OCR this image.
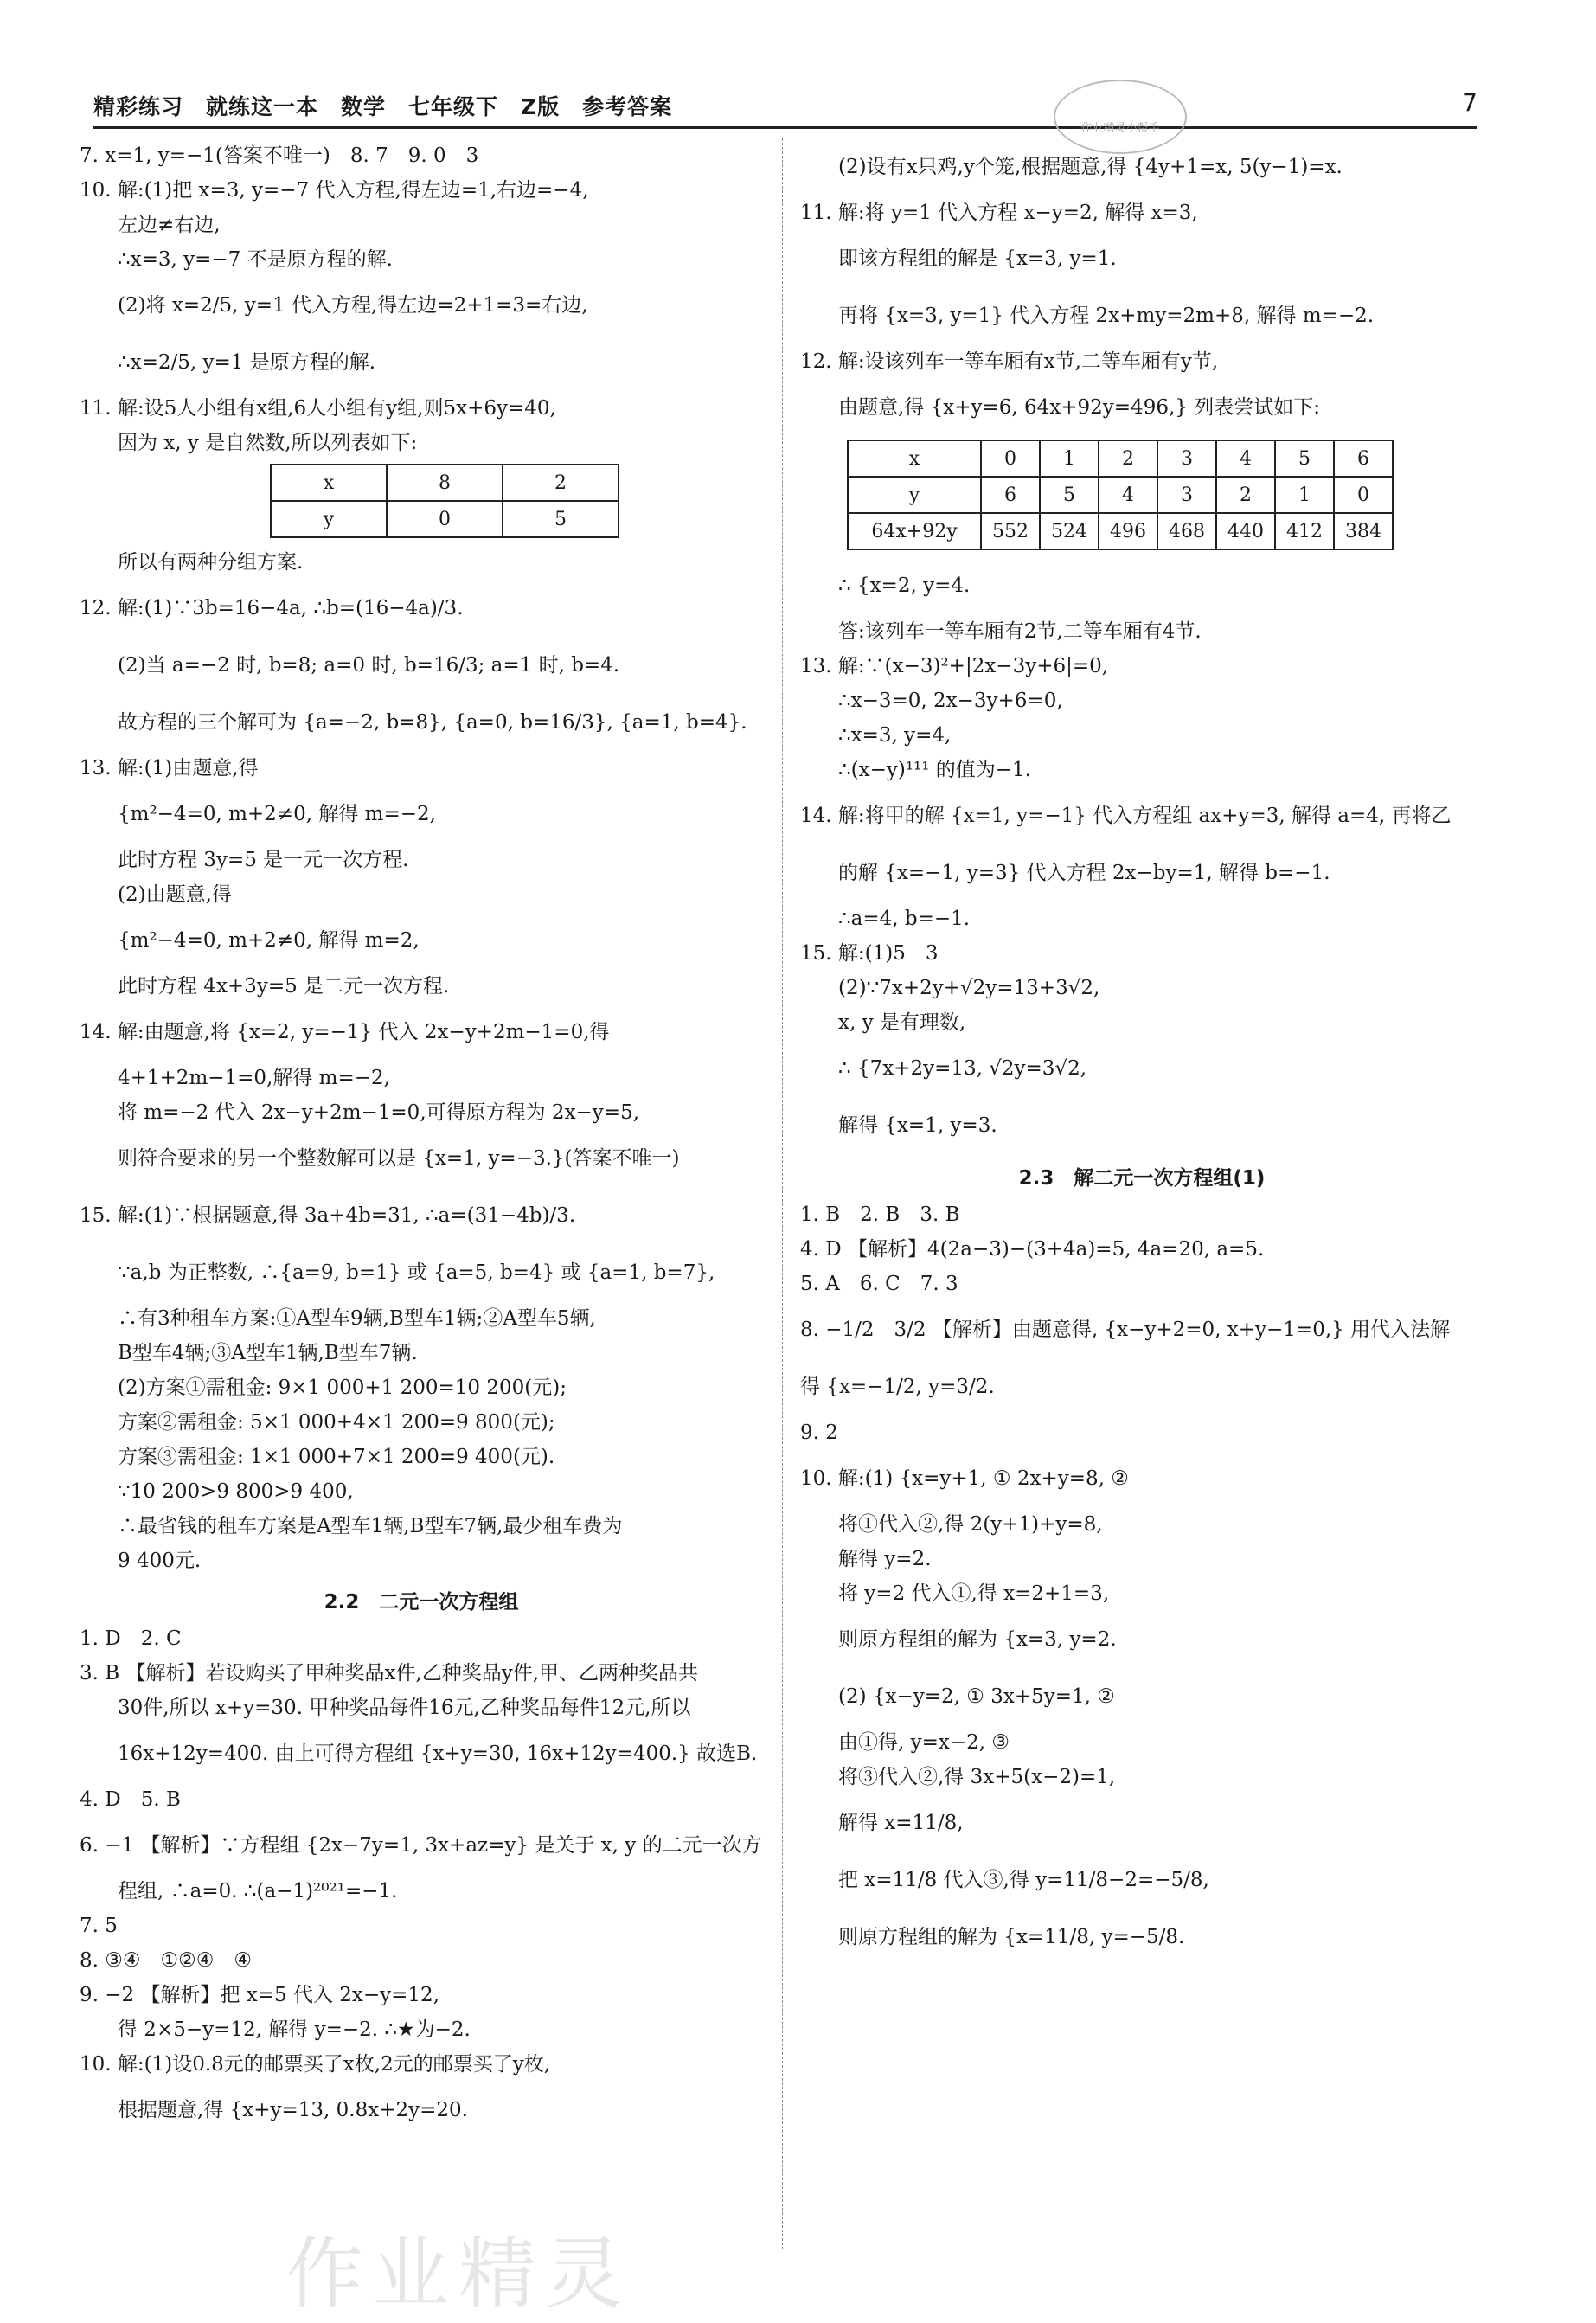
精彩练习　就练这一本　数学　七年级下　Z版　参考答案	7
作业精灵小帮手
7. x=1, y=−1(答案不唯一)　8. 7　9. 0　3
10. 解:(1)把 x=3, y=−7 代入方程,得左边=1,右边=−4,
左边≠右边,
∴x=3, y=−7 不是原方程的解.
(2)将 x=2/5, y=1 代入方程,得左边=2+1=3=右边,
∴x=2/5, y=1 是原方程的解.
11. 解:设5人小组有x组,6人小组有y组,则5x+6y=40,
因为 x, y 是自然数,所以列表如下:
x	8	2
y	0	5
所以有两种分组方案.
12. 解:(1)∵3b=16−4a, ∴b=(16−4a)/3.
(2)当 a=−2 时, b=8; a=0 时, b=16/3; a=1 时, b=4.
故方程的三个解可为 {a=−2, b=8}, {a=0, b=16/3}, {a=1, b=4}.
13. 解:(1)由题意,得
{m²−4=0, m+2≠0, 解得 m=−2,
此时方程 3y=5 是一元一次方程.
(2)由题意,得
{m²−4=0, m+2≠0, 解得 m=2,
此时方程 4x+3y=5 是二元一次方程.
14. 解:由题意,将 {x=2, y=−1} 代入 2x−y+2m−1=0,得
4+1+2m−1=0,解得 m=−2,
将 m=−2 代入 2x−y+2m−1=0,可得原方程为 2x−y=5,
则符合要求的另一个整数解可以是 {x=1, y=−3.}(答案不唯一)
15. 解:(1)∵根据题意,得 3a+4b=31, ∴a=(31−4b)/3.
∵a,b 为正整数, ∴{a=9, b=1} 或 {a=5, b=4} 或 {a=1, b=7},
∴有3种租车方案:①A型车9辆,B型车1辆;②A型车5辆,
B型车4辆;③A型车1辆,B型车7辆.
(2)方案①需租金: 9×1 000+1 200=10 200(元);
方案②需租金: 5×1 000+4×1 200=9 800(元);
方案③需租金: 1×1 000+7×1 200=9 400(元).
∵10 200>9 800>9 400,
∴最省钱的租车方案是A型车1辆,B型车7辆,最少租车费为
9 400元.
2.2　二元一次方程组
1. D　2. C
3. B 【解析】若设购买了甲种奖品x件,乙种奖品y件,甲、乙两种奖品共
30件,所以 x+y=30. 甲种奖品每件16元,乙种奖品每件12元,所以
16x+12y=400. 由上可得方程组 {x+y=30, 16x+12y=400.} 故选B.
4. D　5. B
6. −1 【解析】∵方程组 {2x−7y=1, 3x+az=y} 是关于 x, y 的二元一次方
程组, ∴a=0. ∴(a−1)²⁰²¹=−1.
7. 5
8. ③④　①②④　④
9. −2 【解析】把 x=5 代入 2x−y=12,
得 2×5−y=12, 解得 y=−2. ∴★为−2.
10. 解:(1)设0.8元的邮票买了x枚,2元的邮票买了y枚,
根据题意,得 {x+y=13, 0.8x+2y=20.
(2)设有x只鸡,y个笼,根据题意,得 {4y+1=x, 5(y−1)=x.
11. 解:将 y=1 代入方程 x−y=2, 解得 x=3,
即该方程组的解是 {x=3, y=1.
再将 {x=3, y=1} 代入方程 2x+my=2m+8, 解得 m=−2.
12. 解:设该列车一等车厢有x节,二等车厢有y节,
由题意,得 {x+y=6, 64x+92y=496,} 列表尝试如下:
x	0	1	2	3	4	5	6
y	6	5	4	3	2	1	0
64x+92y	552	524	496	468	440	412	384
∴ {x=2, y=4.
答:该列车一等车厢有2节,二等车厢有4节.
13. 解:∵(x−3)²+|2x−3y+6|=0,
∴x−3=0, 2x−3y+6=0,
∴x=3, y=4,
∴(x−y)¹¹¹ 的值为−1.
14. 解:将甲的解 {x=1, y=−1} 代入方程组 ax+y=3, 解得 a=4, 再将乙
的解 {x=−1, y=3} 代入方程 2x−by=1, 解得 b=−1.
∴a=4, b=−1.
15. 解:(1)5　3
(2)∵7x+2y+√2y=13+3√2,
x, y 是有理数,
∴ {7x+2y=13, √2y=3√2,
解得 {x=1, y=3.
2.3　解二元一次方程组(1)
1. B　2. B　3. B
4. D 【解析】4(2a−3)−(3+4a)=5, 4a=20, a=5.
5. A　6. C　7. 3
8. −1/2　3/2 【解析】由题意得, {x−y+2=0, x+y−1=0,} 用代入法解
得 {x=−1/2, y=3/2.
9. 2
10. 解:(1) {x=y+1, ① 2x+y=8, ②
将①代入②,得 2(y+1)+y=8,
解得 y=2.
将 y=2 代入①,得 x=2+1=3,
则原方程组的解为 {x=3, y=2.
(2) {x−y=2, ① 3x+5y=1, ②
由①得, y=x−2, ③
将③代入②,得 3x+5(x−2)=1,
解得 x=11/8,
把 x=11/8 代入③,得 y=11/8−2=−5/8,
则原方程组的解为 {x=11/8, y=−5/8.
作业精灵
